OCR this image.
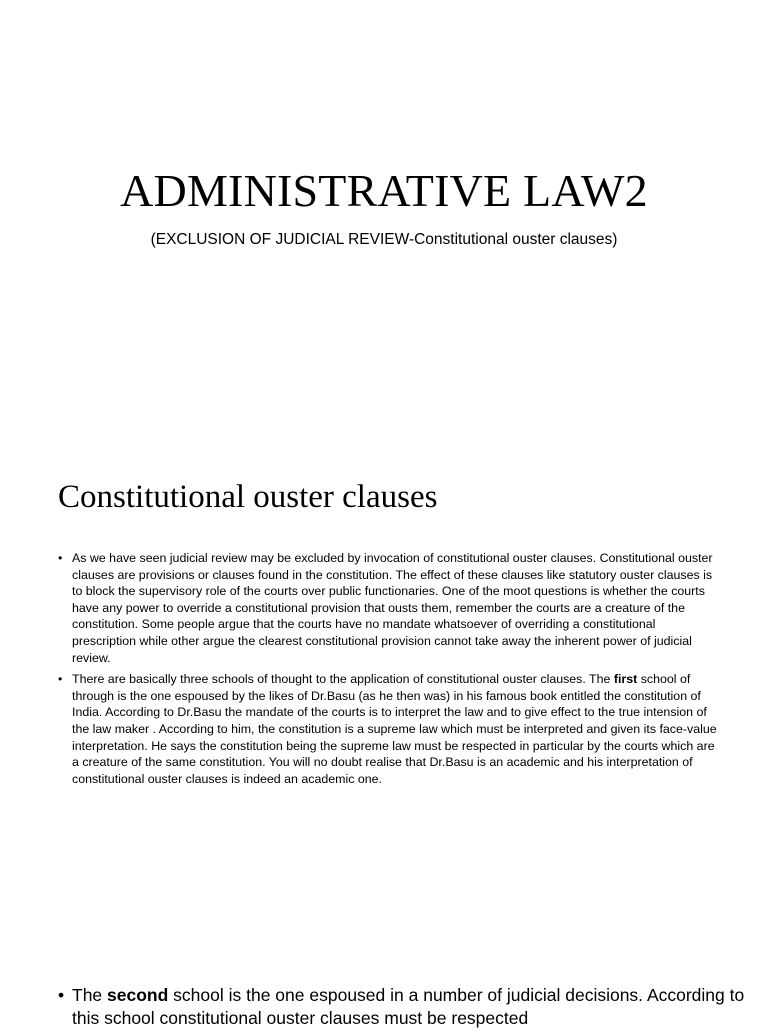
ADMINISTRATIVE LAW2
(EXCLUSION OF JUDICIAL REVIEW-Constitutional ouster clauses)
Constitutional ouster clauses
• As we have seen judicial review may be excluded by invocation of constitutional ouster clauses. Constitutional ouster clauses are provisions or clauses found in the constitution. The effect of these clauses like statutory ouster clauses is to block the supervisory role of the courts over public functionaries. One of the moot questions is whether the courts have any power to override a constitutional provision that ousts them, remember the courts are a creature of the constitution. Some people argue that the courts have no mandate whatsoever of overriding a constitutional prescription while other argue the clearest constitutional provision cannot take away the inherent power of judicial review.
• There are basically three schools of thought to the application of constitutional ouster clauses. The first school of through is the one espoused by the likes of Dr.Basu (as he then was) in his famous book entitled the constitution of India. According to Dr.Basu the mandate of the courts is to interpret the law and to give effect to the true intension of the law maker . According to him, the constitution is a supreme law which must be interpreted and given its face-value interpretation. He says the constitution being the supreme law must be respected in particular by the courts which are a creature of the same constitution. You will no doubt realise that Dr.Basu is an academic and his interpretation of constitutional ouster clauses is indeed an academic one.
• The second school is the one espoused in a number of judicial decisions. According to this school constitutional ouster clauses must be respected
